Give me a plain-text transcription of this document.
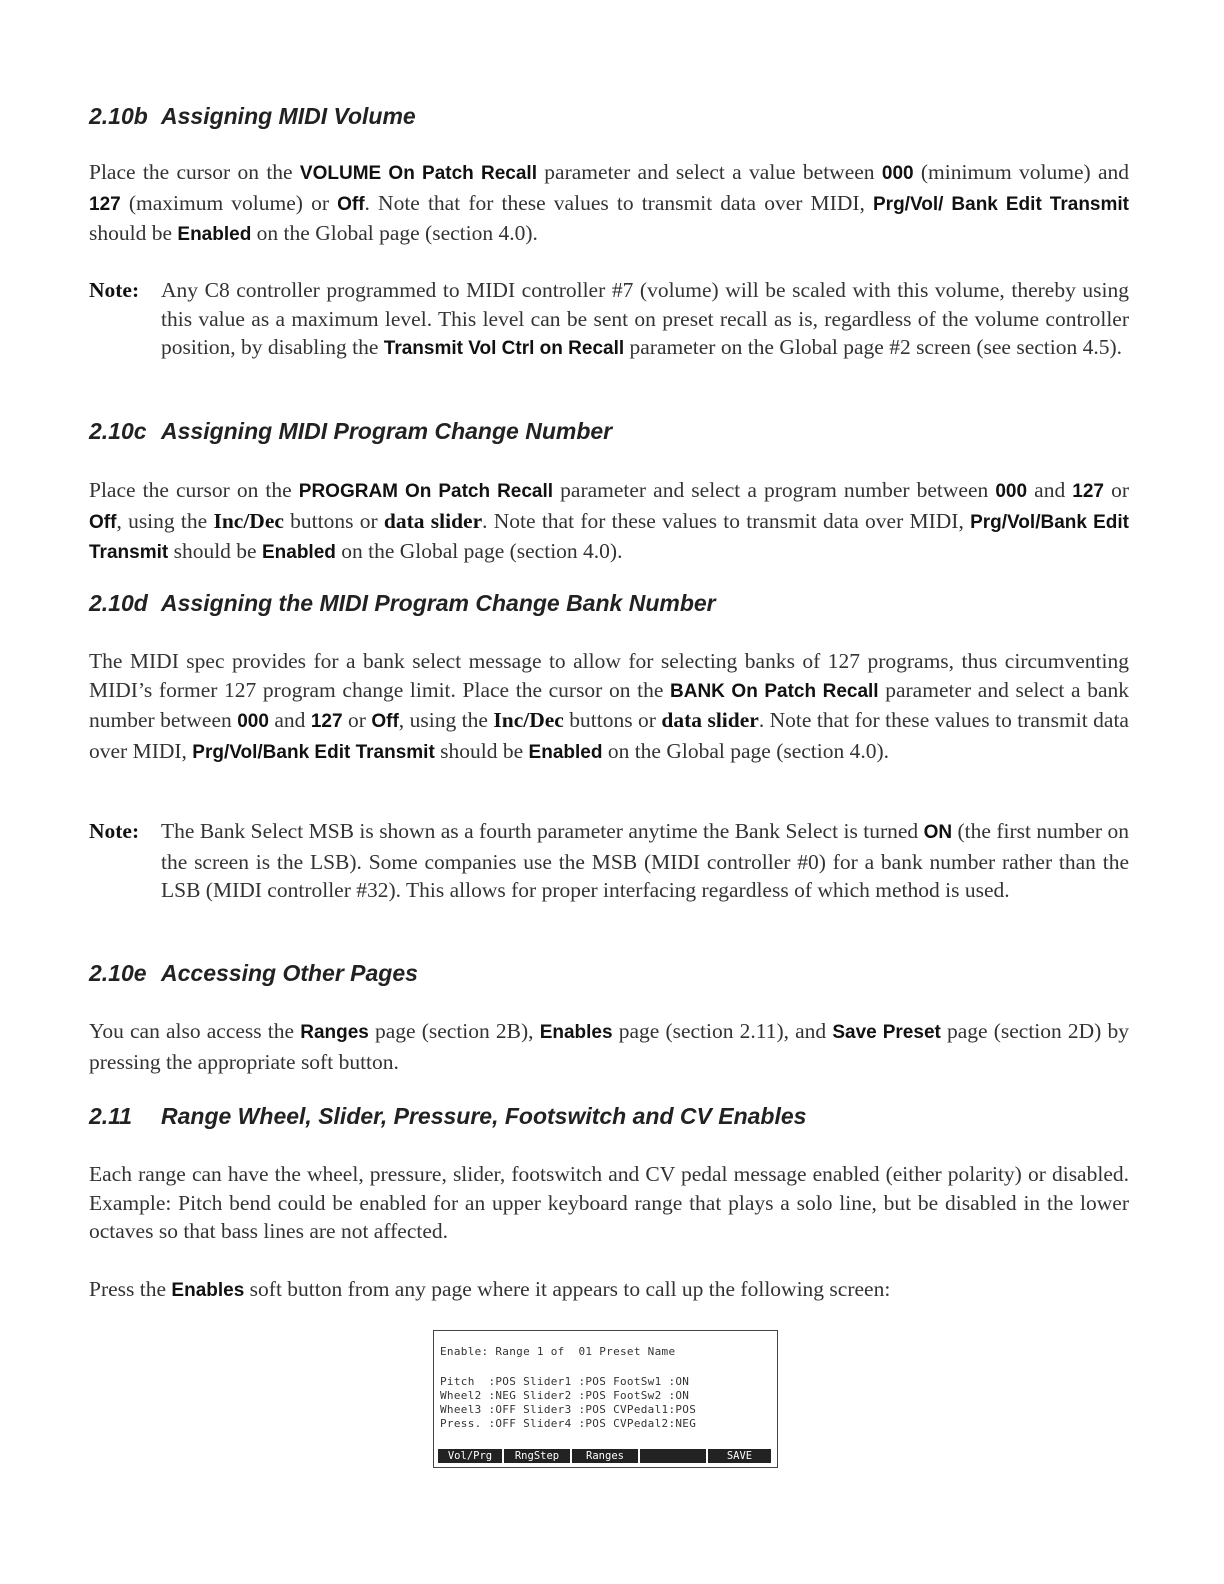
2.10b Assigning MIDI Volume

Place the cursor on the VOLUME On Patch Recall parameter and select a value between 000 (minimum volume) and 127 (maximum volume) or Off. Note that for these values to transmit data over MIDI, Prg/Vol/ Bank Edit Transmit should be Enabled on the Global page (section 4.0).

Note: Any C8 controller programmed to MIDI controller #7 (volume) will be scaled with this volume, thereby using this value as a maximum level. This level can be sent on preset recall as is, regardless of the volume controller position, by disabling the Transmit Vol Ctrl on Recall parameter on the Global page #2 screen (see section 4.5).
2.10c Assigning MIDI Program Change Number

Place the cursor on the PROGRAM On Patch Recall parameter and select a program number between 000 and 127 or Off, using the Inc/Dec buttons or data slider. Note that for these values to transmit data over MIDI, Prg/Vol/Bank Edit Transmit should be Enabled on the Global page (section 4.0).

2.10d Assigning the MIDI Program Change Bank Number

The MIDI spec provides for a bank select message to allow for selecting banks of 127 programs, thus circumventing MIDI’s former 127 program change limit. Place the cursor on the BANK On Patch Recall parameter and select a bank number between 000 and 127 or Off, using the Inc/Dec buttons or data slider. Note that for these values to transmit data over MIDI, Prg/Vol/Bank Edit Transmit should be Enabled on the Global page (section 4.0).

Note: The Bank Select MSB is shown as a fourth parameter anytime the Bank Select is turned ON (the first number on the screen is the LSB). Some companies use the MSB (MIDI controller #0) for a bank number rather than the LSB (MIDI controller #32). This allows for proper interfacing regardless of which method is used.
2.10e Accessing Other Pages

You can also access the Ranges page (section 2B), Enables page (section 2.11), and Save Preset page (section 2D) by pressing the appropriate soft button.

2.11 Range Wheel, Slider, Pressure, Footswitch and CV Enables

Each range can have the wheel, pressure, slider, footswitch and CV pedal message enabled (either polarity) or disabled. Example: Pitch bend could be enabled for an upper keyboard range that plays a solo line, but be disabled in the lower octaves so that bass lines are not affected.

Press the Enables soft button from any page where it appears to call up the following screen:

Enable: Range 1 of  01 Preset Name
Pitch  :POS Slider1 :POS FootSw1 :ON
Wheel2 :NEG Slider2 :POS FootSw2 :ON
Wheel3 :OFF Slider3 :POS CVPedal1:POS
Press. :OFF Slider4 :POS CVPedal2:NEG
Vol/Prg	RngStep	Ranges	SAVE
